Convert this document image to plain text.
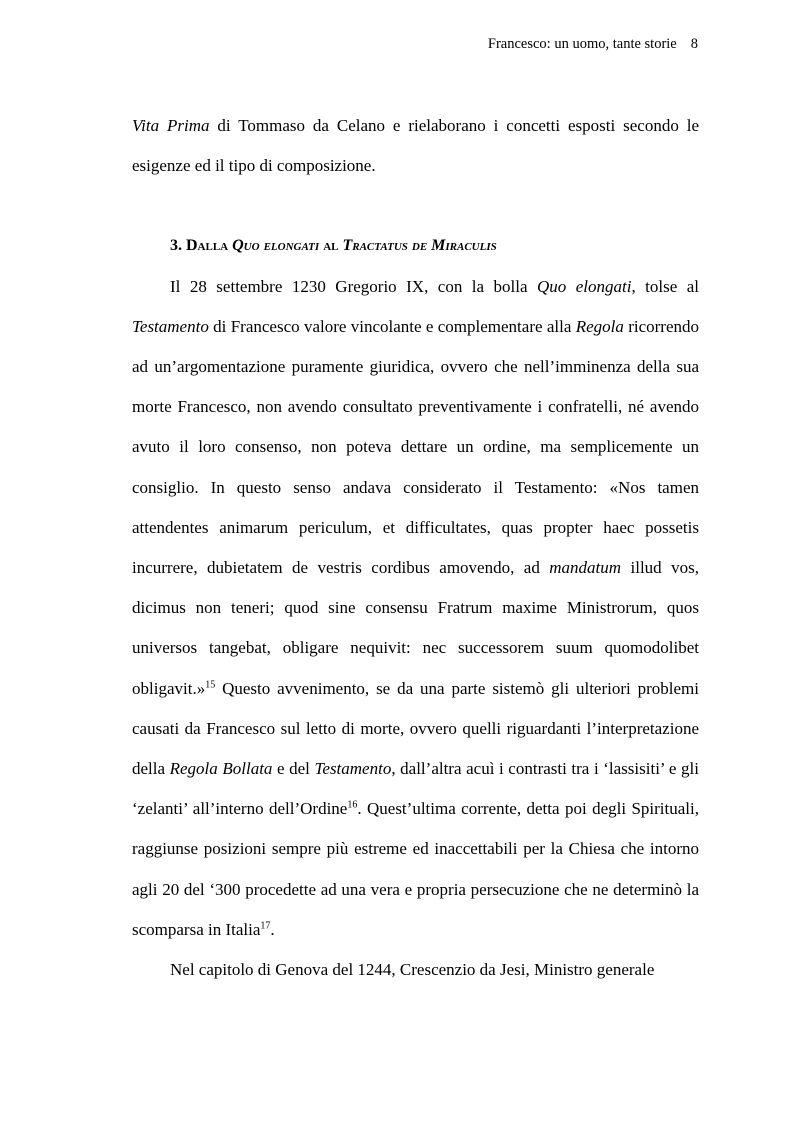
Francesco: un uomo, tante storie 8

Vita Prima di Tommaso da Celano e rielaborano i concetti esposti secondo le esigenze ed il tipo di composizione.

3. Dalla Quo elongati al Tractatus de Miraculis

Il 28 settembre 1230 Gregorio IX, con la bolla Quo elongati, tolse al Testamento di Francesco valore vincolante e complementare alla Regola ricorrendo ad un’argomentazione puramente giuridica, ovvero che nell’imminenza della sua morte Francesco, non avendo consultato preventivamente i confratelli, né avendo avuto il loro consenso, non poteva dettare un ordine, ma semplicemente un consiglio. In questo senso andava considerato il Testamento: «Nos tamen attendentes animarum periculum, et difficultates, quas propter haec possetis incurrere, dubietatem de vestris cordibus amovendo, ad mandatum illud vos, dicimus non teneri; quod sine consensu Fratrum maxime Ministrorum, quos universos tangebat, obligare nequivit: nec successorem suum quomodolibet obligavit.»$^{15}$ Questo avvenimento, se da una parte sistemò gli ulteriori problemi causati da Francesco sul letto di morte, ovvero quelli riguardanti l’interpretazione della Regola Bollata e del Testamento, dall’altra acuì i contrasti tra i ‘lassisiti’ e gli ‘zelanti’ all’interno dell’Ordine$^{16}$. Quest’ultima corrente, detta poi degli Spirituali, raggiunse posizioni sempre più estreme ed inaccettabili per la Chiesa che intorno agli 20 del ‘300 procedette ad una vera e propria persecuzione che ne determinò la scomparsa in Italia$^{17}$.

Nel capitolo di Genova del 1244, Crescenzio da Jesi, Ministro generale
